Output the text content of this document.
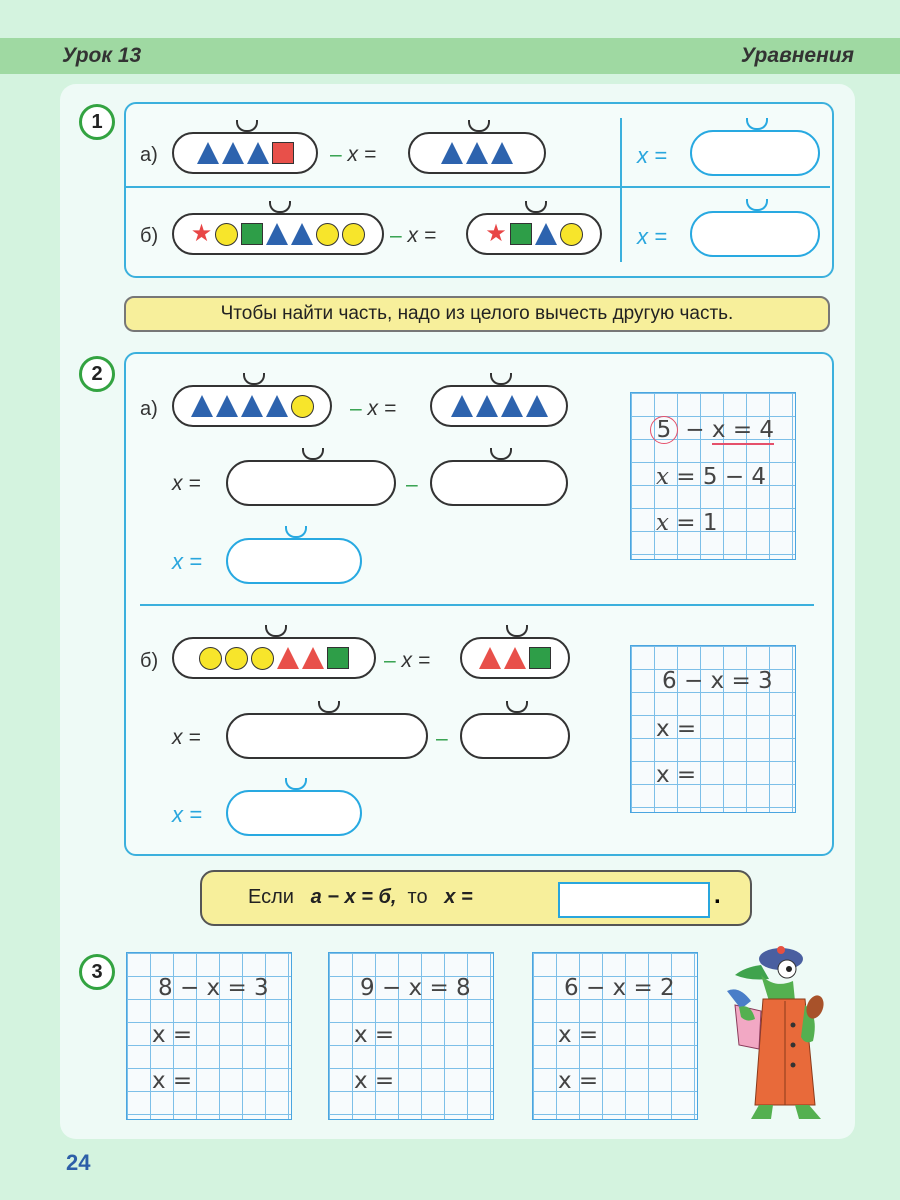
Урок 13	Уравнения
1
а)	– x =	x =
б) ★	– x = ★	x =
Чтобы найти часть, надо из целого вычесть другую часть.
2
а)	– x =
x =	–
x =
5 − x = 4
x = 5 − 4
x = 1
б)	– x =
x =	–
x =
6 − x = 3
x =
x =
Если а − х = б, то х =	.
3
8 − x = 3
x =
x =
9 − x = 8
x =
x =
6 − x = 2
x =
x =
24
